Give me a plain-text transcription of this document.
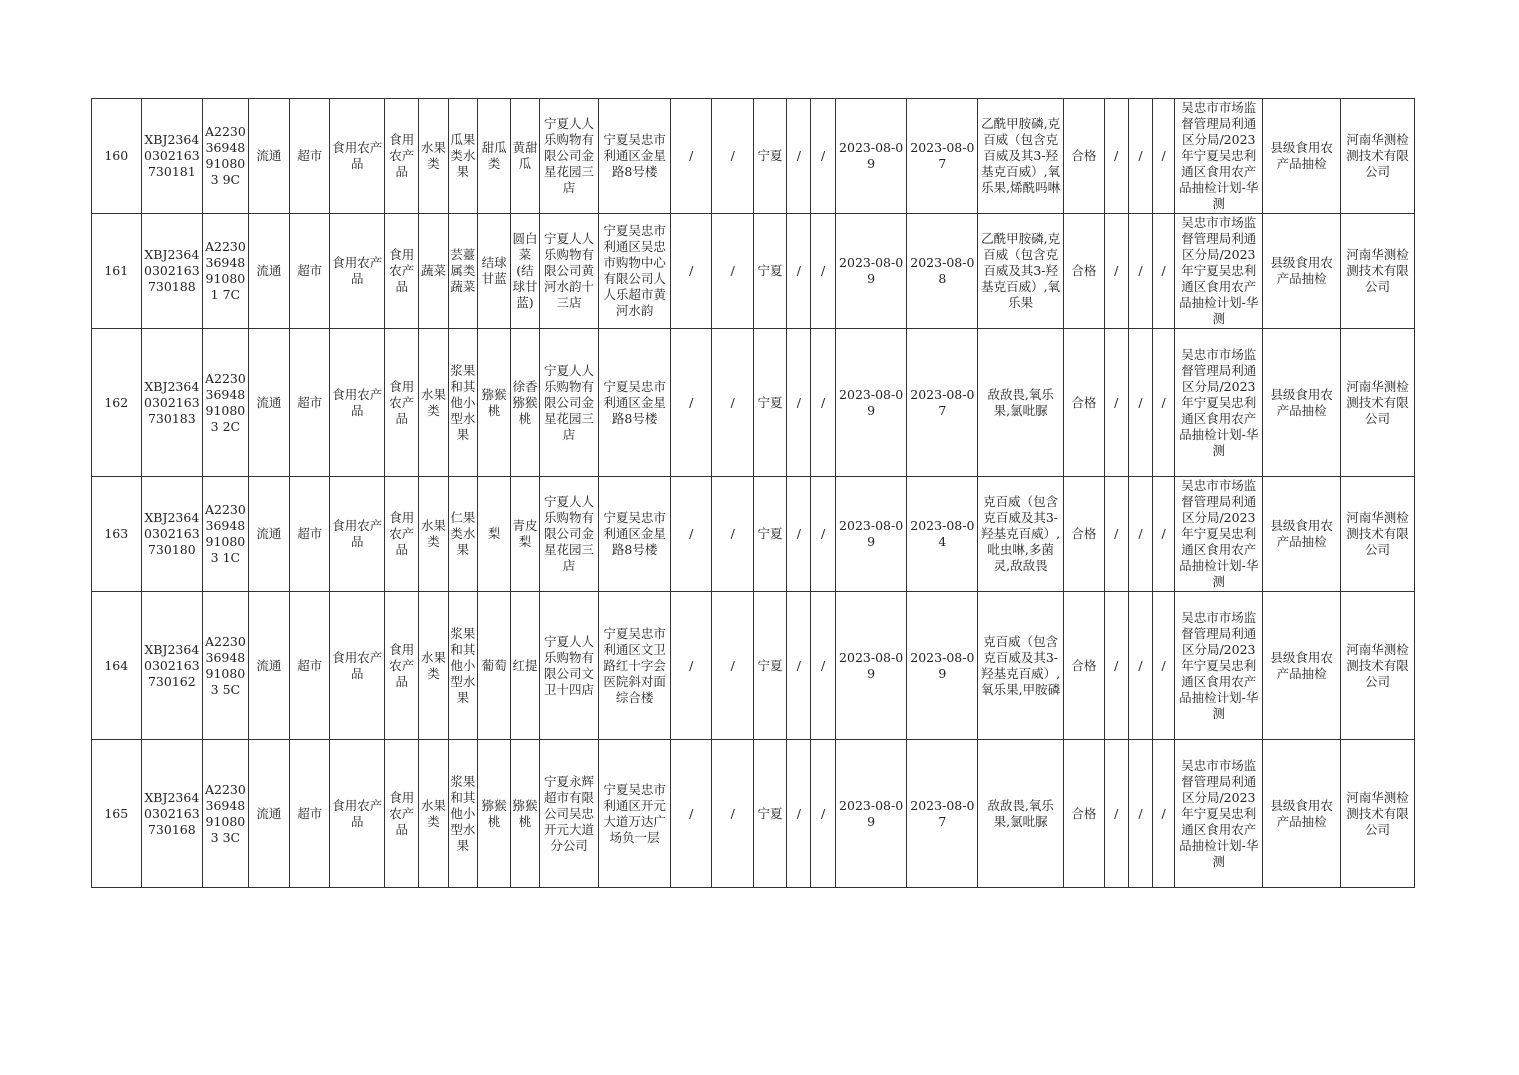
160	XBJ23640302163730181	A223036948910803 9C	流通	超市	食用农产品	食用农产品	水果类	瓜果类水果	甜瓜类	黄甜瓜	宁夏人人乐购物有限公司金星花园三店	宁夏吴忠市利通区金星路8号楼	/	/	宁夏	/	/	2023-08-09	2023-08-07	乙酰甲胺磷,克百威（包含克百威及其3-羟基克百威）,氧乐果,烯酰吗啉	合格	/	/	/	吴忠市市场监督管理局利通区分局/2023年宁夏吴忠利通区食用农产品抽检计划-华测	县级食用农产品抽检	河南华测检测技术有限公司
161	XBJ23640302163730188	A223036948910801 7C	流通	超市	食用农产品	食用农产品	蔬菜	芸薹属类蔬菜	结球甘蓝	圆白菜(结球甘蓝)	宁夏人人乐购物有限公司黄河水韵十三店	宁夏吴忠市利通区吴忠市购物中心有限公司人人乐超市黄河水韵	/	/	宁夏	/	/	2023-08-09	2023-08-08	乙酰甲胺磷,克百威（包含克百威及其3-羟基克百威）,氧乐果	合格	/	/	/	吴忠市市场监督管理局利通区分局/2023年宁夏吴忠利通区食用农产品抽检计划-华测	县级食用农产品抽检	河南华测检测技术有限公司
162	XBJ23640302163730183	A223036948910803 2C	流通	超市	食用农产品	食用农产品	水果类	浆果和其他小型水果	猕猴桃	徐香猕猴桃	宁夏人人乐购物有限公司金星花园三店	宁夏吴忠市利通区金星路8号楼	/	/	宁夏	/	/	2023-08-09	2023-08-07	敌敌畏,氧乐果,氯吡脲	合格	/	/	/	吴忠市市场监督管理局利通区分局/2023年宁夏吴忠利通区食用农产品抽检计划-华测	县级食用农产品抽检	河南华测检测技术有限公司
163	XBJ23640302163730180	A223036948910803 1C	流通	超市	食用农产品	食用农产品	水果类	仁果类水果	梨	青皮梨	宁夏人人乐购物有限公司金星花园三店	宁夏吴忠市利通区金星路8号楼	/	/	宁夏	/	/	2023-08-09	2023-08-04	克百威（包含克百威及其3-羟基克百威）,吡虫啉,多菌灵,敌敌畏	合格	/	/	/	吴忠市市场监督管理局利通区分局/2023年宁夏吴忠利通区食用农产品抽检计划-华测	县级食用农产品抽检	河南华测检测技术有限公司
164	XBJ23640302163730162	A223036948910803 5C	流通	超市	食用农产品	食用农产品	水果类	浆果和其他小型水果	葡萄	红提	宁夏人人乐购物有限公司文卫十四店	宁夏吴忠市利通区文卫路红十字会医院斜对面综合楼	/	/	宁夏	/	/	2023-08-09	2023-08-09	克百威（包含克百威及其3-羟基克百威）,氧乐果,甲胺磷	合格	/	/	/	吴忠市市场监督管理局利通区分局/2023年宁夏吴忠利通区食用农产品抽检计划-华测	县级食用农产品抽检	河南华测检测技术有限公司
165	XBJ23640302163730168	A223036948910803 3C	流通	超市	食用农产品	食用农产品	水果类	浆果和其他小型水果	猕猴桃	猕猴桃	宁夏永辉超市有限公司吴忠开元大道分公司	宁夏吴忠市利通区开元大道万达广场负一层	/	/	宁夏	/	/	2023-08-09	2023-08-07	敌敌畏,氧乐果,氯吡脲	合格	/	/	/	吴忠市市场监督管理局利通区分局/2023年宁夏吴忠利通区食用农产品抽检计划-华测	县级食用农产品抽检	河南华测检测技术有限公司
